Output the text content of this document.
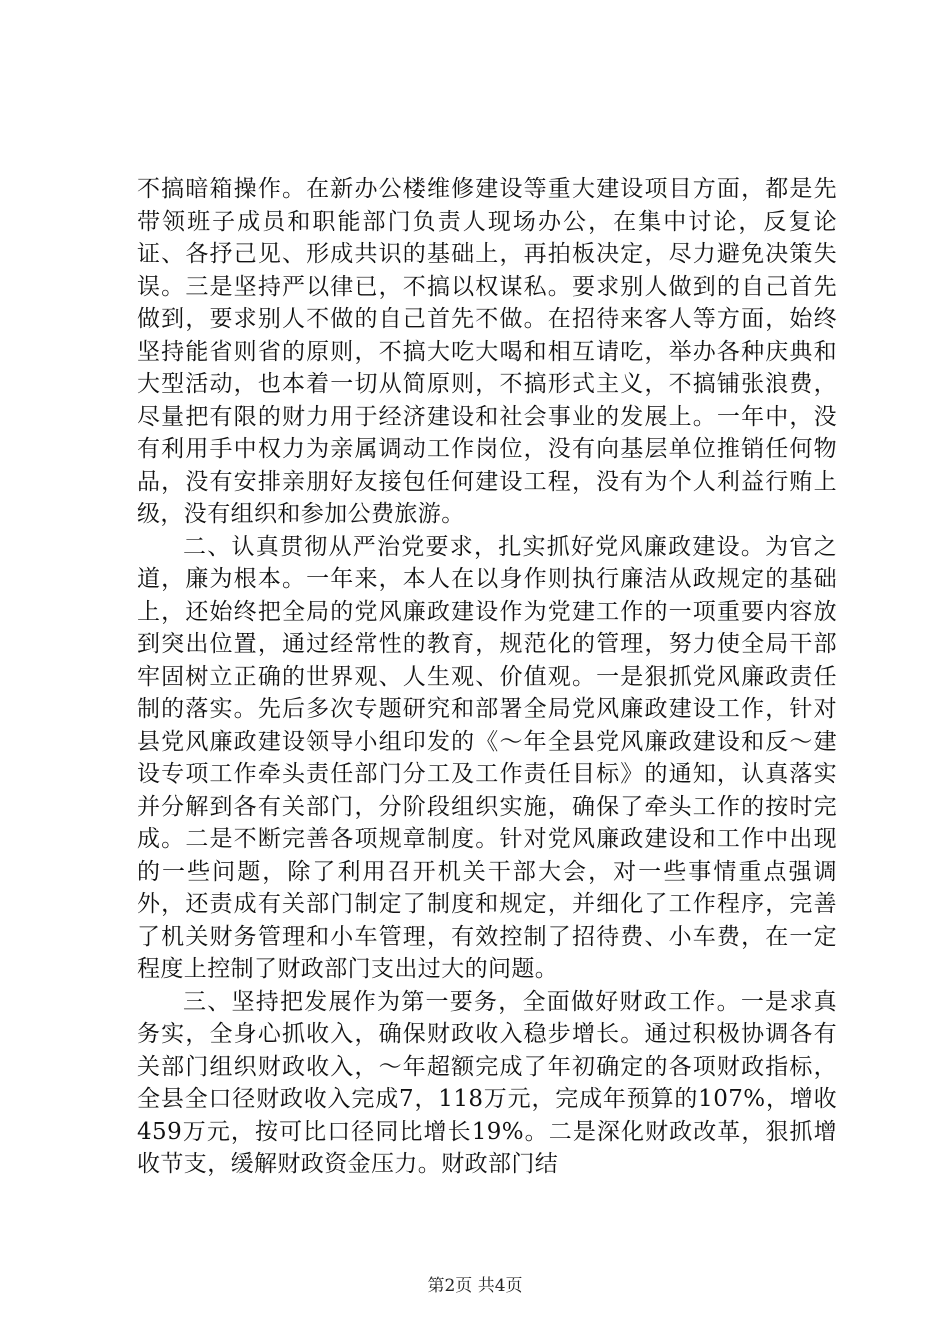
不搞暗箱操作。在新办公楼维修建设等重大建设项目方面，都是先带领班子成员和职能部门负责人现场办公，在集中讨论，反复论证、各抒己见、形成共识的基础上，再拍板决定，尽力避免决策失误。三是坚持严以律已，不搞以权谋私。要求别人做到的自己首先做到，要求别人不做的自己首先不做。在招待来客人等方面，始终坚持能省则省的原则，不搞大吃大喝和相互请吃，举办各种庆典和大型活动，也本着一切从简原则，不搞形式主义，不搞铺张浪费，尽量把有限的财力用于经济建设和社会事业的发展上。一年中，没有利用手中权力为亲属调动工作岗位，没有向基层单位推销任何物品，没有安排亲朋好友接包任何建设工程，没有为个人利益行贿上级，没有组织和参加公费旅游。

二、认真贯彻从严治党要求，扎实抓好党风廉政建设。为官之道，廉为根本。一年来，本人在以身作则执行廉洁从政规定的基础上，还始终把全局的党风廉政建设作为党建工作的一项重要内容放到突出位置，通过经常性的教育，规范化的管理，努力使全局干部牢固树立正确的世界观、人生观、价值观。一是狠抓党风廉政责任制的落实。先后多次专题研究和部署全局党风廉政建设工作，针对县党风廉政建设领导小组印发的《～年全县党风廉政建设和反～建设专项工作牵头责任部门分工及工作责任目标》的通知，认真落实并分解到各有关部门，分阶段组织实施，确保了牵头工作的按时完成。二是不断完善各项规章制度。针对党风廉政建设和工作中出现的一些问题，除了利用召开机关干部大会，对一些事情重点强调外，还责成有关部门制定了制度和规定，并细化了工作程序，完善了机关财务管理和小车管理，有效控制了招待费、小车费，在一定程度上控制了财政部门支出过大的问题。

三、坚持把发展作为第一要务，全面做好财政工作。一是求真务实，全身心抓收入，确保财政收入稳步增长。通过积极协调各有关部门组织财政收入，～年超额完成了年初确定的各项财政指标，全县全口径财政收入完成7，118万元，完成年预算的107%，增收459万元，按可比口径同比增长19%。二是深化财政改革，狠抓增收节支，缓解财政资金压力。财政部门结

第2页 共4页
